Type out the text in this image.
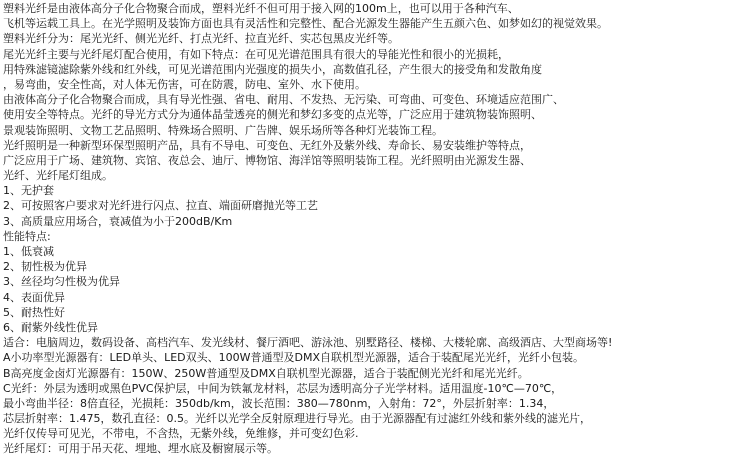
塑料光纤是由液体高分子化合物聚合而成，塑料光纤不但可用于接入网的100m上，也可以用于各种汽车、
飞机等运载工具上。在光学照明及装饰方面也具有灵活性和完整性、配合光源发生器能产生五颜六色、如梦如幻的视觉效果。
塑料光纤分为：尾光光纤、侧光光纤、打点光纤、拉直光纤、实芯包黑皮光纤等。
尾光光纤主要与光纤尾灯配合使用，有如下特点：在可见光谱范围具有很大的导能光性和很小的光损耗，
用特殊滤镜滤除紫外线和红外线，可见光谱范围内光强度的损失小，高数值孔径，产生很大的接受角和发散角度
，易弯曲，安全性高，对人体无伤害，可在防震，防电、室外、水下使用。
由液体高分子化合物聚合而成，具有导光性强、省电、耐用、不发热、无污染、可弯曲、可变色、环境适应范围广、
使用安全等特点。光纤的导光方式分为通体晶莹透亮的侧光和梦幻多变的点光等，广泛应用于建筑物装饰照明、
景观装饰照明、文物工艺品照明、特殊场合照明、广告牌、娱乐场所等各种灯光装饰工程。
光纤照明是一种新型环保型照明产品，具有不导电、可变色、无红外及紫外线、寿命长、易安装维护等特点，
广泛应用于广场、建筑物、宾馆、夜总会、迪厅、博物馆、海洋馆等照明装饰工程。光纤照明由光源发生器、
光纤、光纤尾灯组成。
1、无护套
2、可按照客户要求对光纤进行闪点、拉直、端面研磨抛光等工艺
3、高质量应用场合，衰减值为小于200dB/Km
性能特点:
1、低衰减
2、韧性极为优异
3、丝径均匀性极为优异
4、表面优异
5、耐热性好
6、耐紫外线性优异
适合：电脑周边，数码设备、高档汽车、发光线材、餐厅酒吧、游泳池、别墅路径、楼梯、大楼轮廓、高级酒店、大型商场等!
A小功率型光源器有：LED单头、LED双头、100W普通型及DMX自联机型光源器，适合于装配尾光光纤，光纤小包装。
B高亮度金卤灯光源器有：150W、250W普通型及DMX自联机型光源器，适合于装配侧光光纤和尾光光纤。
C光纤：外层为透明或黑色PVC保护层，中间为铁氟龙材料，芯层为透明高分子光学材料。适用温度-10℃—70℃，
最小弯曲半径：8倍直径，光损耗：350db/km，波长范围：380—780nm，入射角：72°，外层折射率：1.34，
芯层折射率：1.475，数孔直径：0.5。光纤以光学全反射原理进行导光。由于光源器配有过滤红外线和紫外线的滤光片，
光纤仅传导可见光，不带电，不含热，无紫外线，免维修，并可变幻色彩.
光纤尾灯：可用于吊天花、埋地、埋水底及橱窗展示等。
